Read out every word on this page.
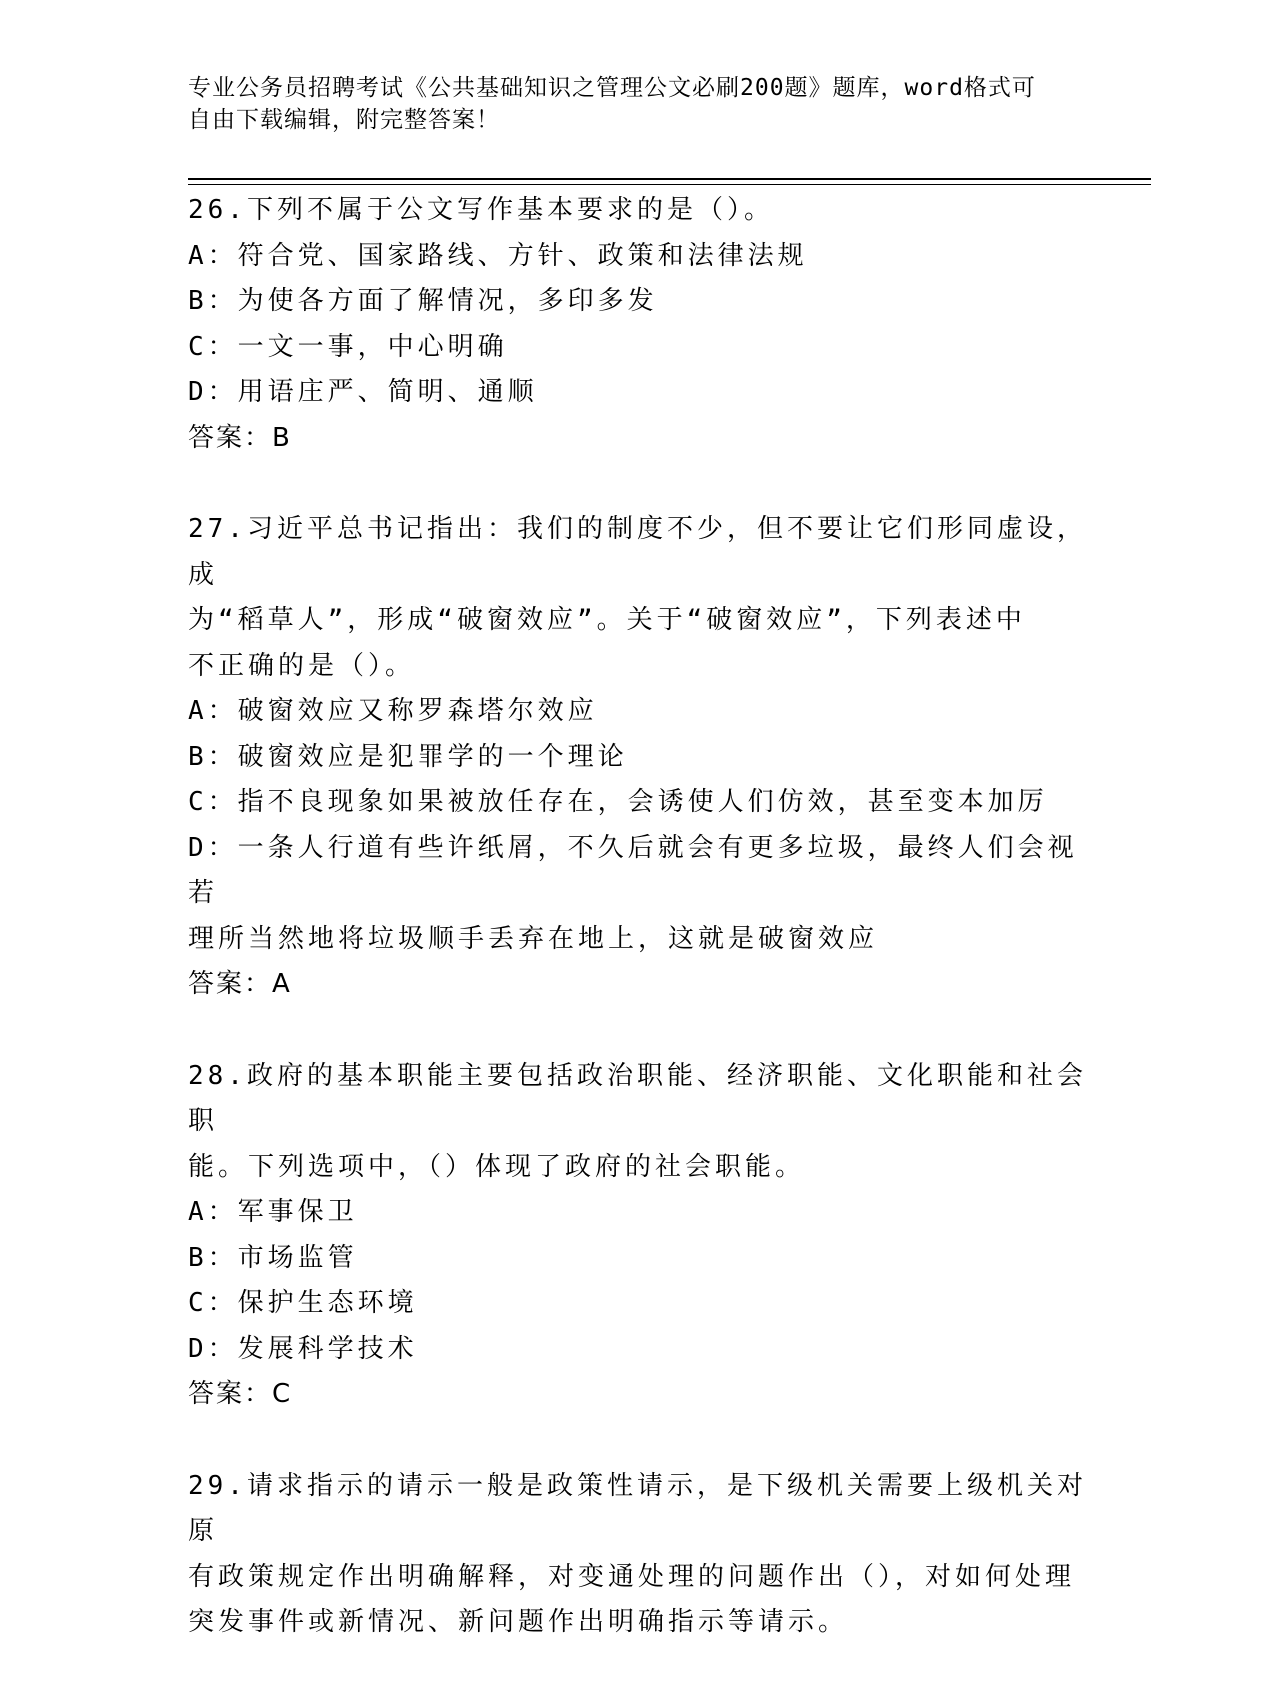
专业公务员招聘考试《公共基础知识之管理公文必刷200题》题库，word格式可
自由下载编辑，附完整答案！
26.下列不属于公文写作基本要求的是（）。
A：符合党、国家路线、方针、政策和法律法规
B：为使各方面了解情况，多印多发
C：一文一事，中心明确
D：用语庄严、简明、通顺
答案：B
27.习近平总书记指出：我们的制度不少，但不要让它们形同虚设，成
为“稻草人”，形成“破窗效应”。关于“破窗效应”，下列表述中
不正确的是（）。
A：破窗效应又称罗森塔尔效应
B：破窗效应是犯罪学的一个理论
C：指不良现象如果被放任存在，会诱使人们仿效，甚至变本加厉
D：一条人行道有些许纸屑，不久后就会有更多垃圾，最终人们会视若
理所当然地将垃圾顺手丢弃在地上，这就是破窗效应
答案：A
28.政府的基本职能主要包括政治职能、经济职能、文化职能和社会职
能。下列选项中，（）体现了政府的社会职能。
A：军事保卫
B：市场监管
C：保护生态环境
D：发展科学技术
答案：C
29.请求指示的请示一般是政策性请示，是下级机关需要上级机关对原
有政策规定作出明确解释，对变通处理的问题作出（），对如何处理
突发事件或新情况、新问题作出明确指示等请示。
